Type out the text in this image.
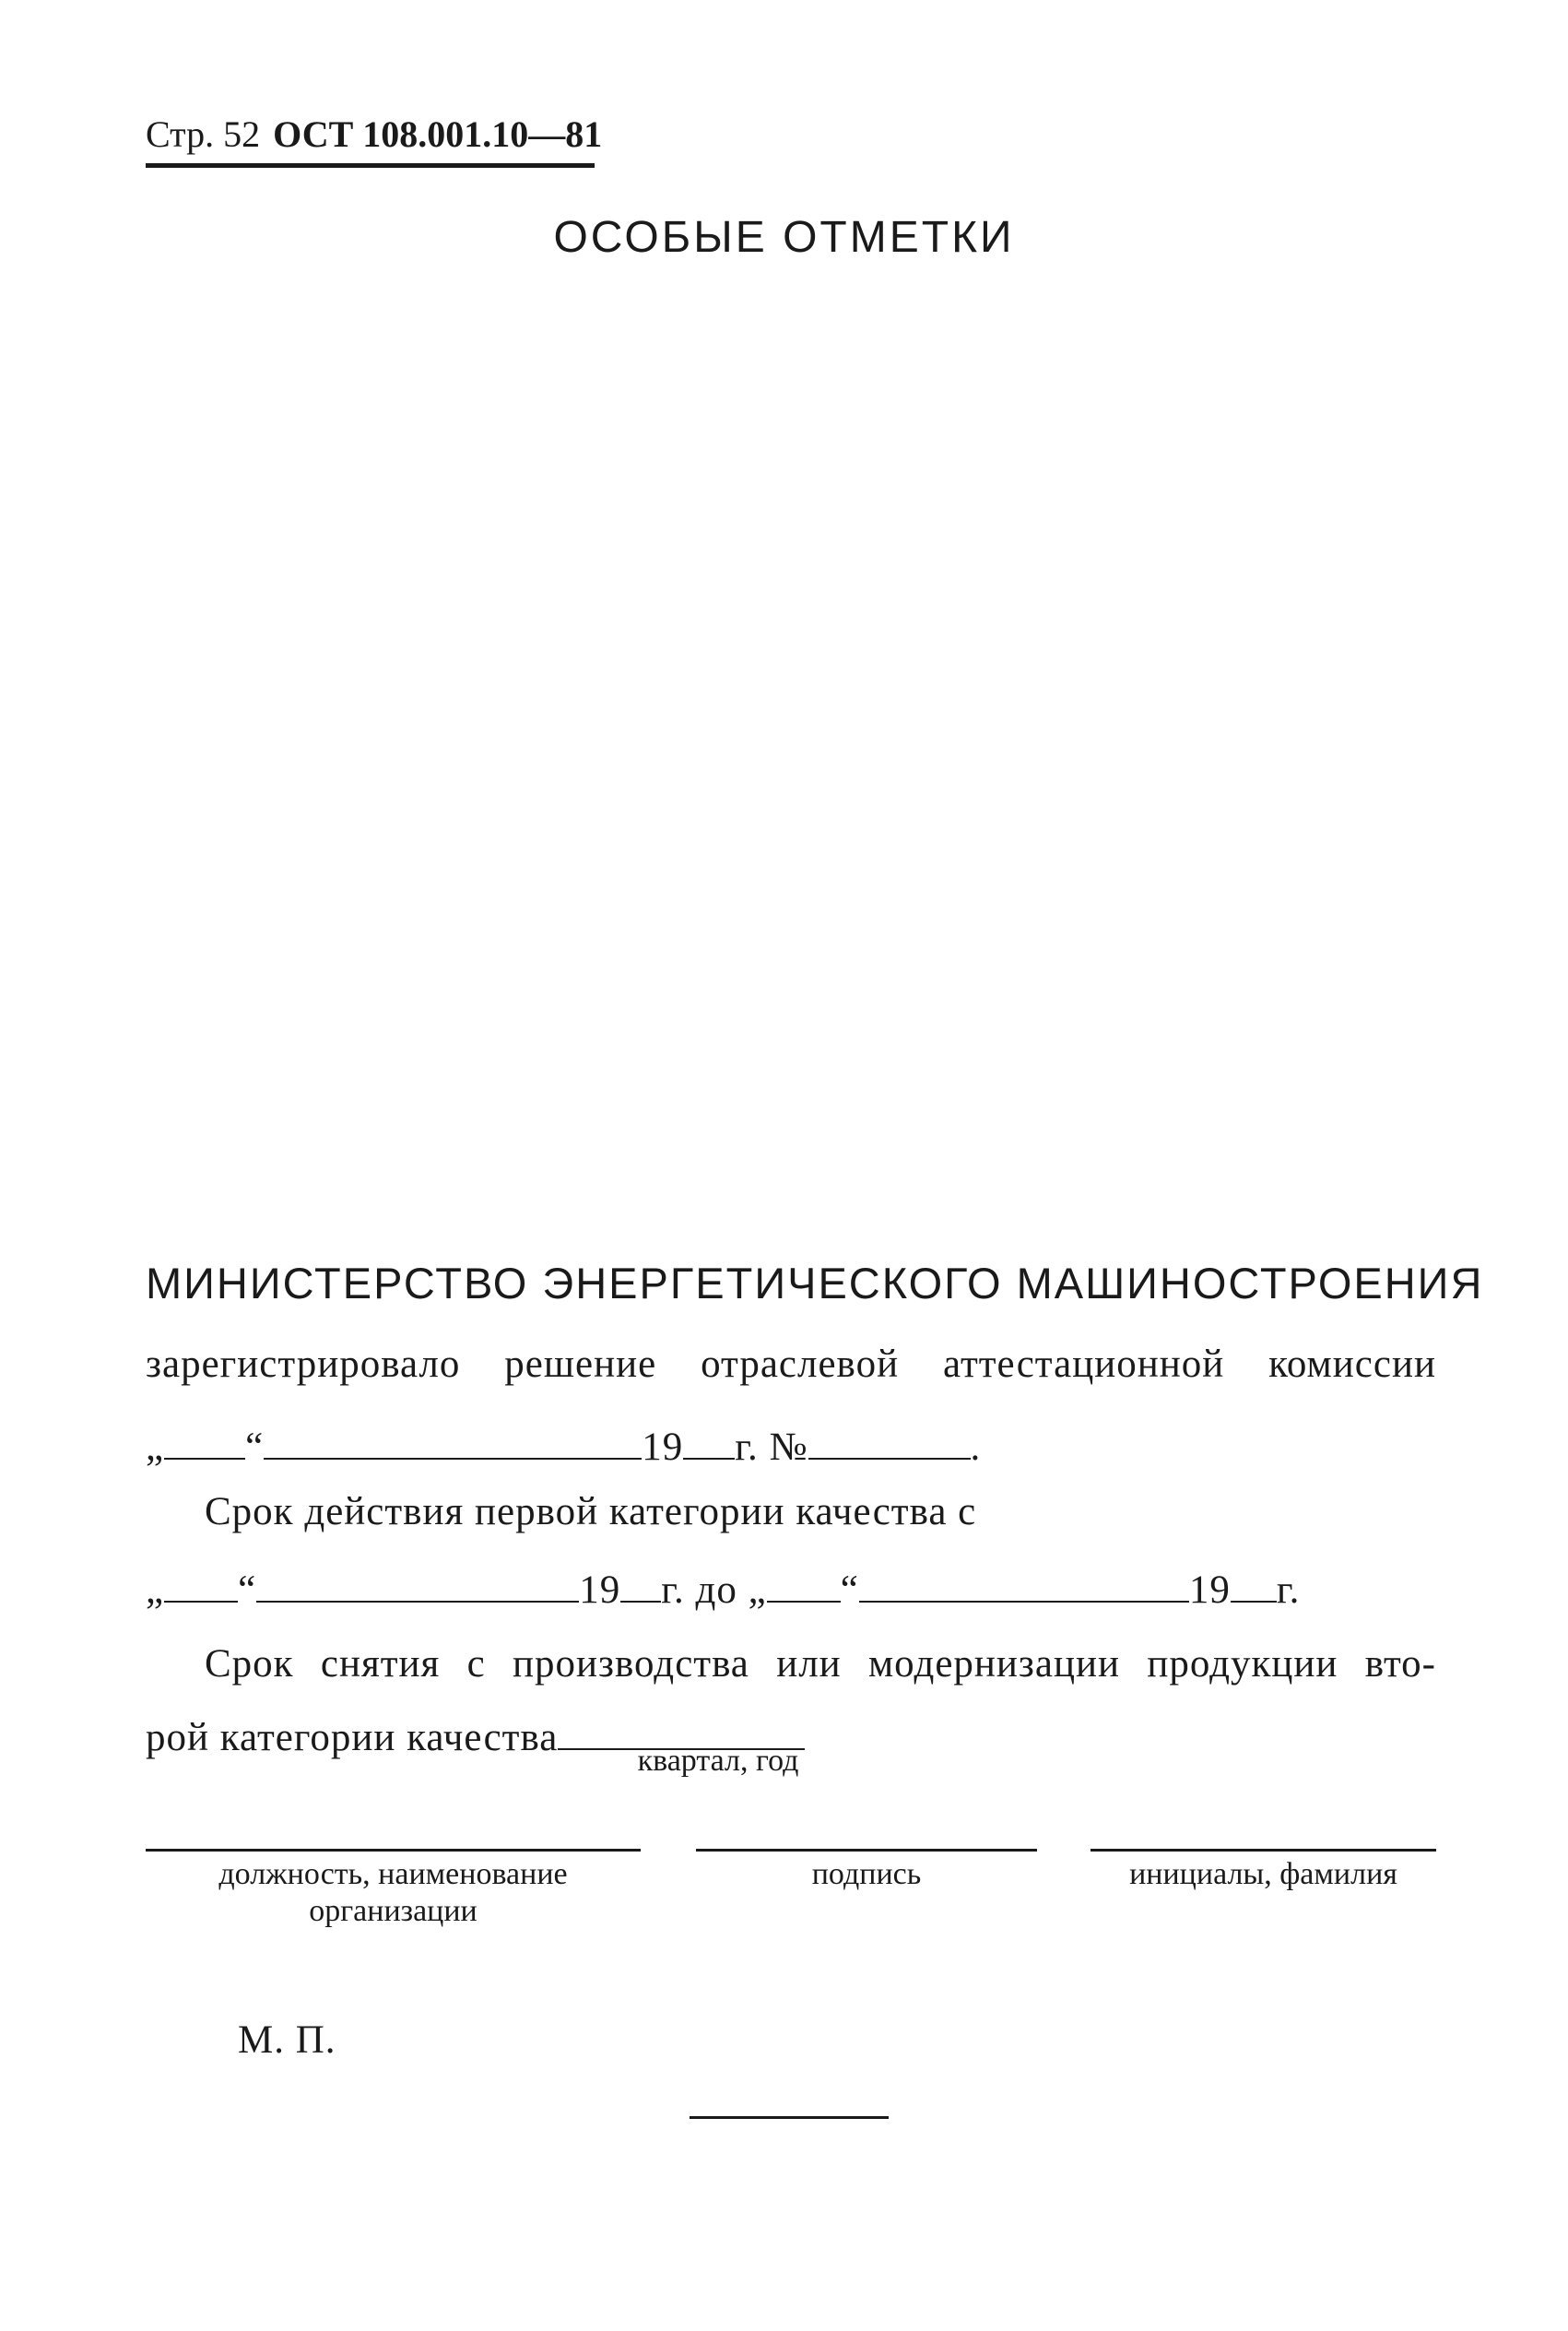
Стр. 52 ОСТ 108.001.10—81
ОСОБЫЕ ОТМЕТКИ
МИНИСТЕРСТВО ЭНЕРГЕТИЧЕСКОГО МАШИНОСТРОЕНИЯ
зарегистрировало решение отраслевой аттестационной комиссии
„ “	19 г. №	.
Срок действия первой категории качества с
„ “	19 г. до „ “	19 г.
Срок снятия с производства или модернизации продукции вто-
рой категории качества
квартал, год
должность, наименование
организации
подпись	инициалы, фамилия
М. П.
